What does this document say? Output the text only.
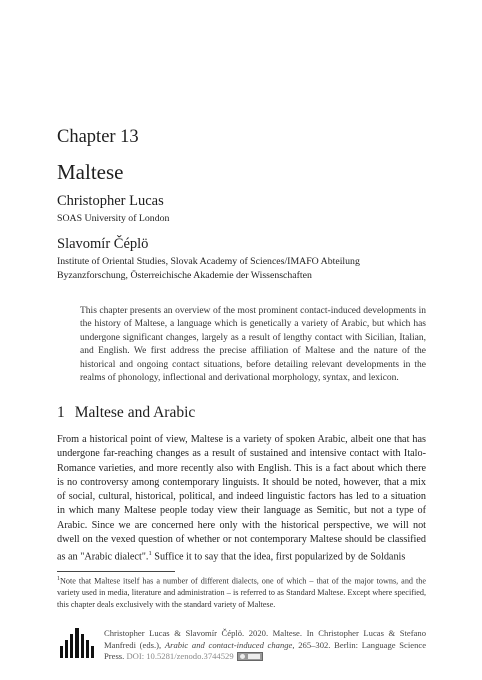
Chapter 13
Maltese
Christopher Lucas
SOAS University of London
Slavomír Čéplö
Institute of Oriental Studies, Slovak Academy of Sciences/IMAFO Abteilung Byzanzforschung, Österreichische Akademie der Wissenschaften
This chapter presents an overview of the most prominent contact-induced developments in the history of Maltese, a language which is genetically a variety of Arabic, but which has undergone significant changes, largely as a result of lengthy contact with Sicilian, Italian, and English. We first address the precise affiliation of Maltese and the nature of the historical and ongoing contact situations, before detailing relevant developments in the realms of phonology, inflectional and derivational morphology, syntax, and lexicon.
1 Maltese and Arabic
From a historical point of view, Maltese is a variety of spoken Arabic, albeit one that has undergone far-reaching changes as a result of sustained and intensive contact with Italo-Romance varieties, and more recently also with English. This is a fact about which there is no controversy among contemporary linguists. It should be noted, however, that a mix of social, cultural, historical, political, and indeed linguistic factors has led to a situation in which many Maltese people today view their language as Semitic, but not a type of Arabic. Since we are concerned here only with the historical perspective, we will not dwell on the vexed question of whether or not contemporary Maltese should be classified as an "Arabic dialect".$^1$ Suffice it to say that the idea, first popularized by de Soldanis
$^1$Note that Maltese itself has a number of different dialects, one of which – that of the major towns, and the variety used in media, literature and administration – is referred to as Standard Maltese. Except where specified, this chapter deals exclusively with the standard variety of Maltese.
Christopher Lucas & Slavomír Čéplö. 2020. Maltese. In Christopher Lucas & Stefano Manfredi (eds.), Arabic and contact-induced change, 265–302. Berlin: Language Science Press. DOI: 10.5281/zenodo.3744529
